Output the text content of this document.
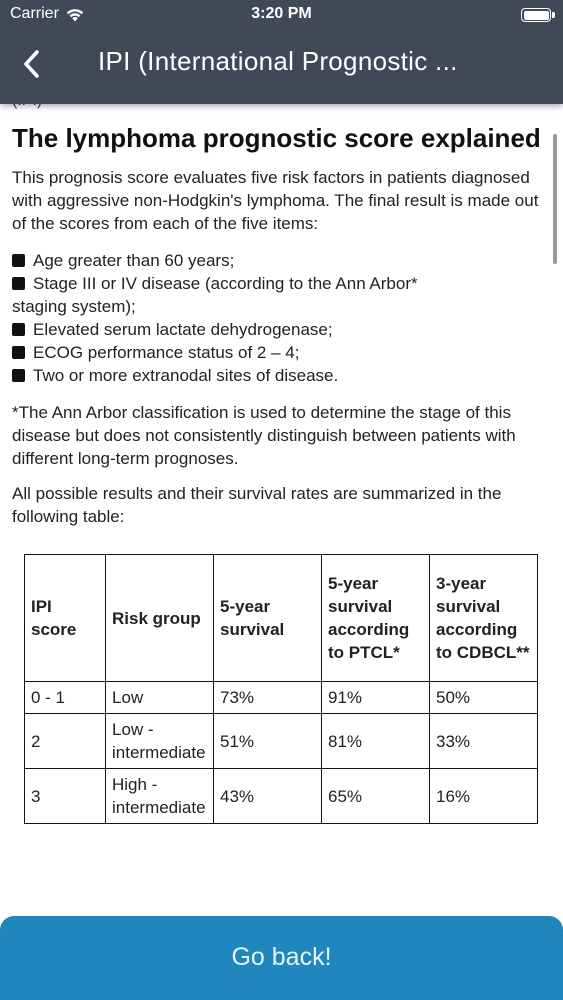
Carrier	3:20 PM
IPI (International Prognostic ...
The lymphoma prognostic score explained

This prognosis score evaluates five risk factors in patients diagnosed with aggressive non-Hodgkin's lymphoma. The final result is made out of the scores from each of the five items:

Age greater than 60 years;
Stage III or IV disease (according to the Ann Arbor*
staging system);
Elevated serum lactate dehydrogenase;
ECOG performance status of 2 – 4;
Two or more extranodal sites of disease.

*The Ann Arbor classification is used to determine the stage of this disease but does not consistently distinguish between patients with different long-term prognoses.

All possible results and their survival rates are summarized in the following table:

IPI score	Risk group	5-year survival	5-year survival according to PTCL*	3-year survival according to CDBCL**
0 - 1	Low	73%	91%	50%
2	Low - intermediate	51%	81%	33%
3	High - intermediate	43%	65%	16%
Go back!
